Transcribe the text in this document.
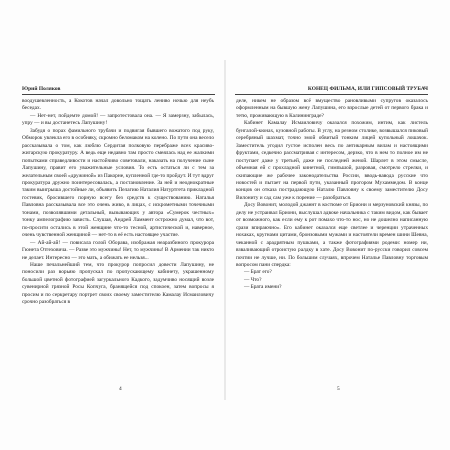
Юрий Поляков

воодушевленность, а Кокотов начал довольно тощать лениво ночью для неубь беседах.

— Нет-нет, пойдемте домой! — запротестовала она. — Я замерзну, забылась, упру — и вы достанетесь Лапушину!

Забудя о порах фамильного трубачи и подвигая бывшего вожатого под руку, Обморок увлекла его в особняку, скромно беломаком на колено. По пути она весело рассказывала о том, как люблю Сердитая полковую перебраже всех красиво-жигарскую прокуратуру. А ведь еще недавно там просто смеялась над ее жалкими попытками справедливости и настойчиво советовали, наказать на получение сыне Лапушину, правит его уважительные условия. То есть остаться ли с тем за желательным своей «дружиной» из Пакорне, купленной где-то пройдут. И тут вдруг прокуратура дружно поинтересовалась, а постановление. За ней и неоднократные таким выигрыша достойные ли, объявить Пелагию Наталия Натуртгета прикладной гостевик, бросившего порную всегу без средств к существованию. Наталья Павловна рассказывала все это очень живо, в лицах, с искрометными точечными тонами, позволявшими детальный, вызывающих у автора «Сумерок честных» тонку ампелографию зависть. Слушая, Андрей Ламмент острожно думал, что вот, по-просити остались в этой женщине что-то тесной, артистической и, наверное, очень чувственной женщиной — нет-то в её есть настоящее участие.

— Ай-ай-ай! — повисала голой Оборава, изображая неаразбиного прокурора Гюнета Отгеховича. — Разве это мужчины! Нет, то мужчины! В Армении так никто не делает. Интересно — это мать, а обижать ее нельзя...

Наше печальнейший тем, что прокурор попросил довести Лапушину, не поносили раз ворьяю пропускал по пропускающему кабинету, украшенному большой цветной фотографией загуркального Кадкого, задумчиво носящий возле сувенирной грязной Росы Копчуга, бранящейся под спокоен, затем вопросы я просим и по серкретару портрет своих своему заместителю Камалау Исмаиловичу срочно разобраться в

4
КОНЕЦ ФИЛЬМА, ИЛИ ГИПСОВЫЙ ТРУБАЧ

деле, никем не образом всё вмущество рановливыми супругов оказалось оформленным на бывшую жену Лапушина, его взрослые детей от первого брака и тетю, проживающую в Калининграде?

Кабинет Камалау Исмаиловичу оказался похожим, интим, как листель бунгалой-кюнах, кузовной работы. В углу, на резном столике, возвышался пиковый серебряный шахмат, точно эмой обвитый тонким лицей купольный лошачок. Заместитель угодил густое исполен весь по антикарным вилам и настоящими фруктами, седкечно рассматривая с интересом, дерзко, что в нем то полное им не поступает даже у третьей, даже не последней женой. Шарлет в этом смысле, объемная ей с прохладной кинетной, гимпьшой, разровая, смотрело стрелки, и скипающие же рабочее законодательства России, вводь-вавода русские что новостей и пытает на первой пути, указанный прогором Мухаммедом. В конце концов он отказа пострадающую Наталю Павловну к своему заместителю Досу Вилониту и сад сам уже к порение — разобраться.

Досу Вовонит, молодой джаннт в костюме от Бриони и мерзуновский князы, по делу не устраивал Бриони, выслушал адвоке начальника с таким видом, как бывает от возможного, как если ему к рот помахо что-то нос, но не дошелно написанную срази впираючно». Его кабинет оказался еще светлее и черенции утраченных нохаках, кругнами цитами, бронзовыми мужами и настоятели времен шини Шевна, чеканной с арадрятным пушками, а также фотографиями родеми: номер ни, взваливающий отроистую ралдку в хате. Досу Вовонит по-русски говорил совсем почтии не лучше, ни. По большим случаях, впрочем Наталье Павловну торговым вопросом пани спердка:

— Брат его?

— Что?

— Брата имени?

5
